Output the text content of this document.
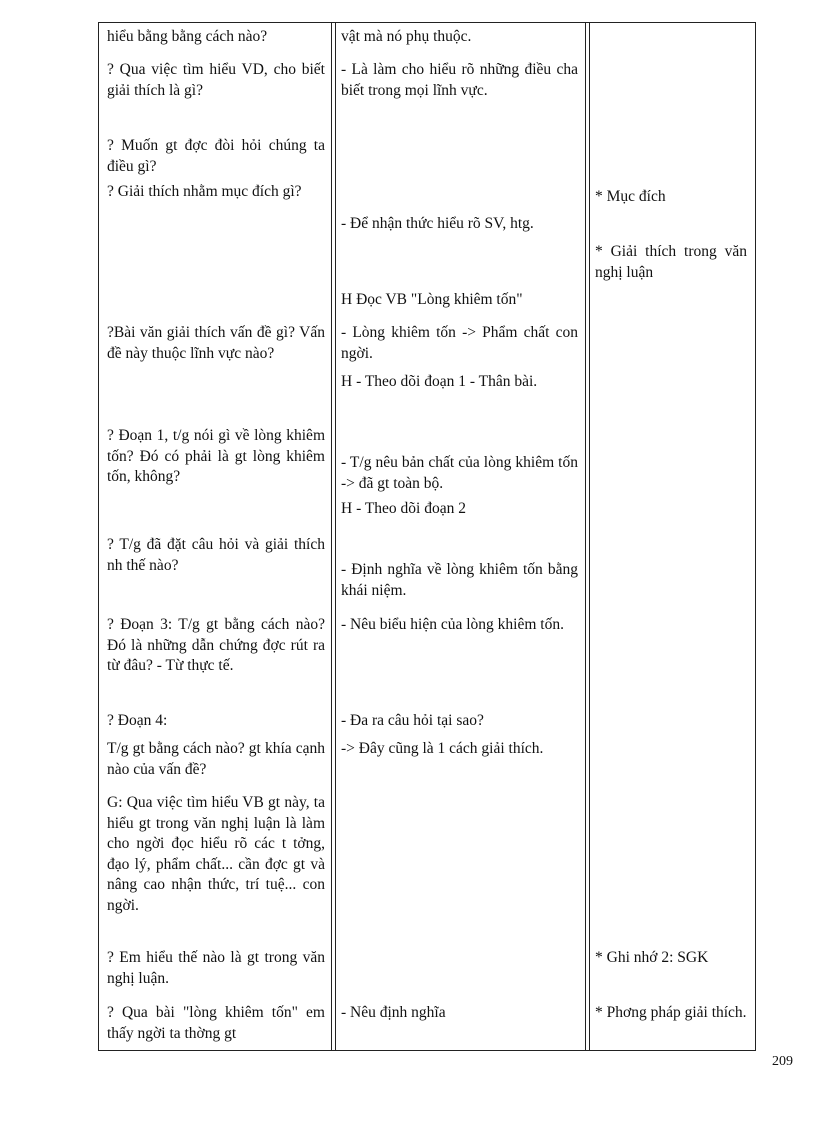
hiểu bằng bằng cách nào?
? Qua việc tìm hiểu VD, cho biết giải thích là gì?
? Muốn gt đợc đòi hỏi chúng ta điều gì?
? Giải thích nhằm mục đích gì?
?Bài văn giải thích vấn đề gì? Vấn đề này thuộc lĩnh vực nào?
? Đoạn 1, t/g nói gì về lòng khiêm tốn? Đó có phải là gt lòng khiêm tốn, không?
? T/g đã đặt câu hỏi và giải thích nh thế nào?
? Đoạn 3: T/g gt bằng cách nào? Đó là những dẫn chứng đợc rút ra từ đâu? - Từ thực tế.
? Đoạn 4:
T/g gt bằng cách nào? gt khía cạnh nào của vấn đề?
G: Qua việc tìm hiểu VB gt này, ta hiểu gt trong văn nghị luận là làm cho ngời đọc hiểu rõ các t tởng, đạo lý, phẩm chất... cần đợc gt và nâng cao nhận thức, trí tuệ... con ngời.
? Em hiểu thế nào là gt trong văn nghị luận.
? Qua bài "lòng khiêm tốn" em thấy ngời ta thờng gt
vật mà nó phụ thuộc.
- Là làm cho hiểu rõ những điều cha biết trong mọi lĩnh vực.
- Để nhận thức hiểu rõ SV, htg.
H Đọc VB "Lòng khiêm tốn"
- Lòng khiêm tốn -> Phẩm chất con ngời.
H - Theo dõi đoạn 1 - Thân bài.
- T/g nêu bản chất của lòng khiêm tốn -> đã gt toàn bộ.
H - Theo dõi đoạn 2
- Định nghĩa về lòng khiêm tốn bằng khái niệm.
- Nêu biểu hiện của lòng khiêm tốn.
- Đa ra câu hỏi tại sao?
-> Đây cũng là 1 cách giải thích.
- Nêu định nghĩa
* Mục đích
* Giải thích trong văn nghị luận
* Ghi nhớ 2: SGK
* Phơng pháp giải thích.
209
